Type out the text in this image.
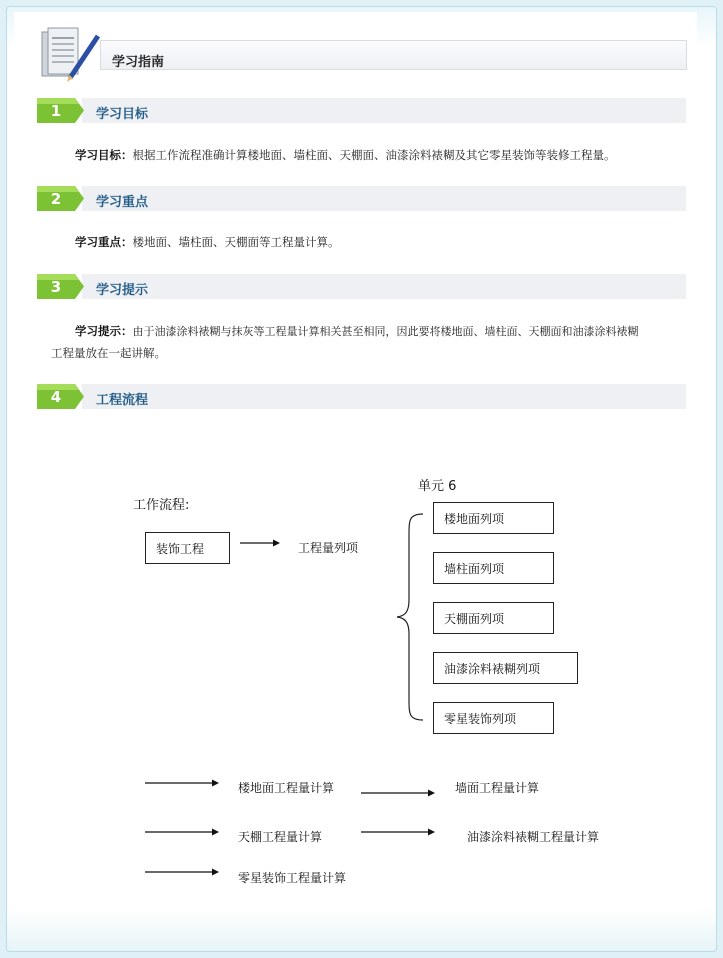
学习指南
1	学习目标
学习目标：根据工作流程准确计算楼地面、墙柱面、天棚面、油漆涂料裱糊及其它零星装饰等装修工程量。
2	学习重点
学习重点：楼地面、墙柱面、天棚面等工程量计算。
3	学习提示
学习提示：由于油漆涂料裱糊与抹灰等工程量计算相关甚至相同，因此要将楼地面、墙柱面、天棚面和油漆涂料裱糊
工程量放在一起讲解。
4	工程流程
单元 6
工作流程:
装饰工程	工程量列项
楼地面列项
墙柱面列项
天棚面列项
油漆涂料裱糊列项
零星装饰列项
楼地面工程量计算	墙面工程量计算
天棚工程量计算	油漆涂料裱糊工程量计算
零星装饰工程量计算
